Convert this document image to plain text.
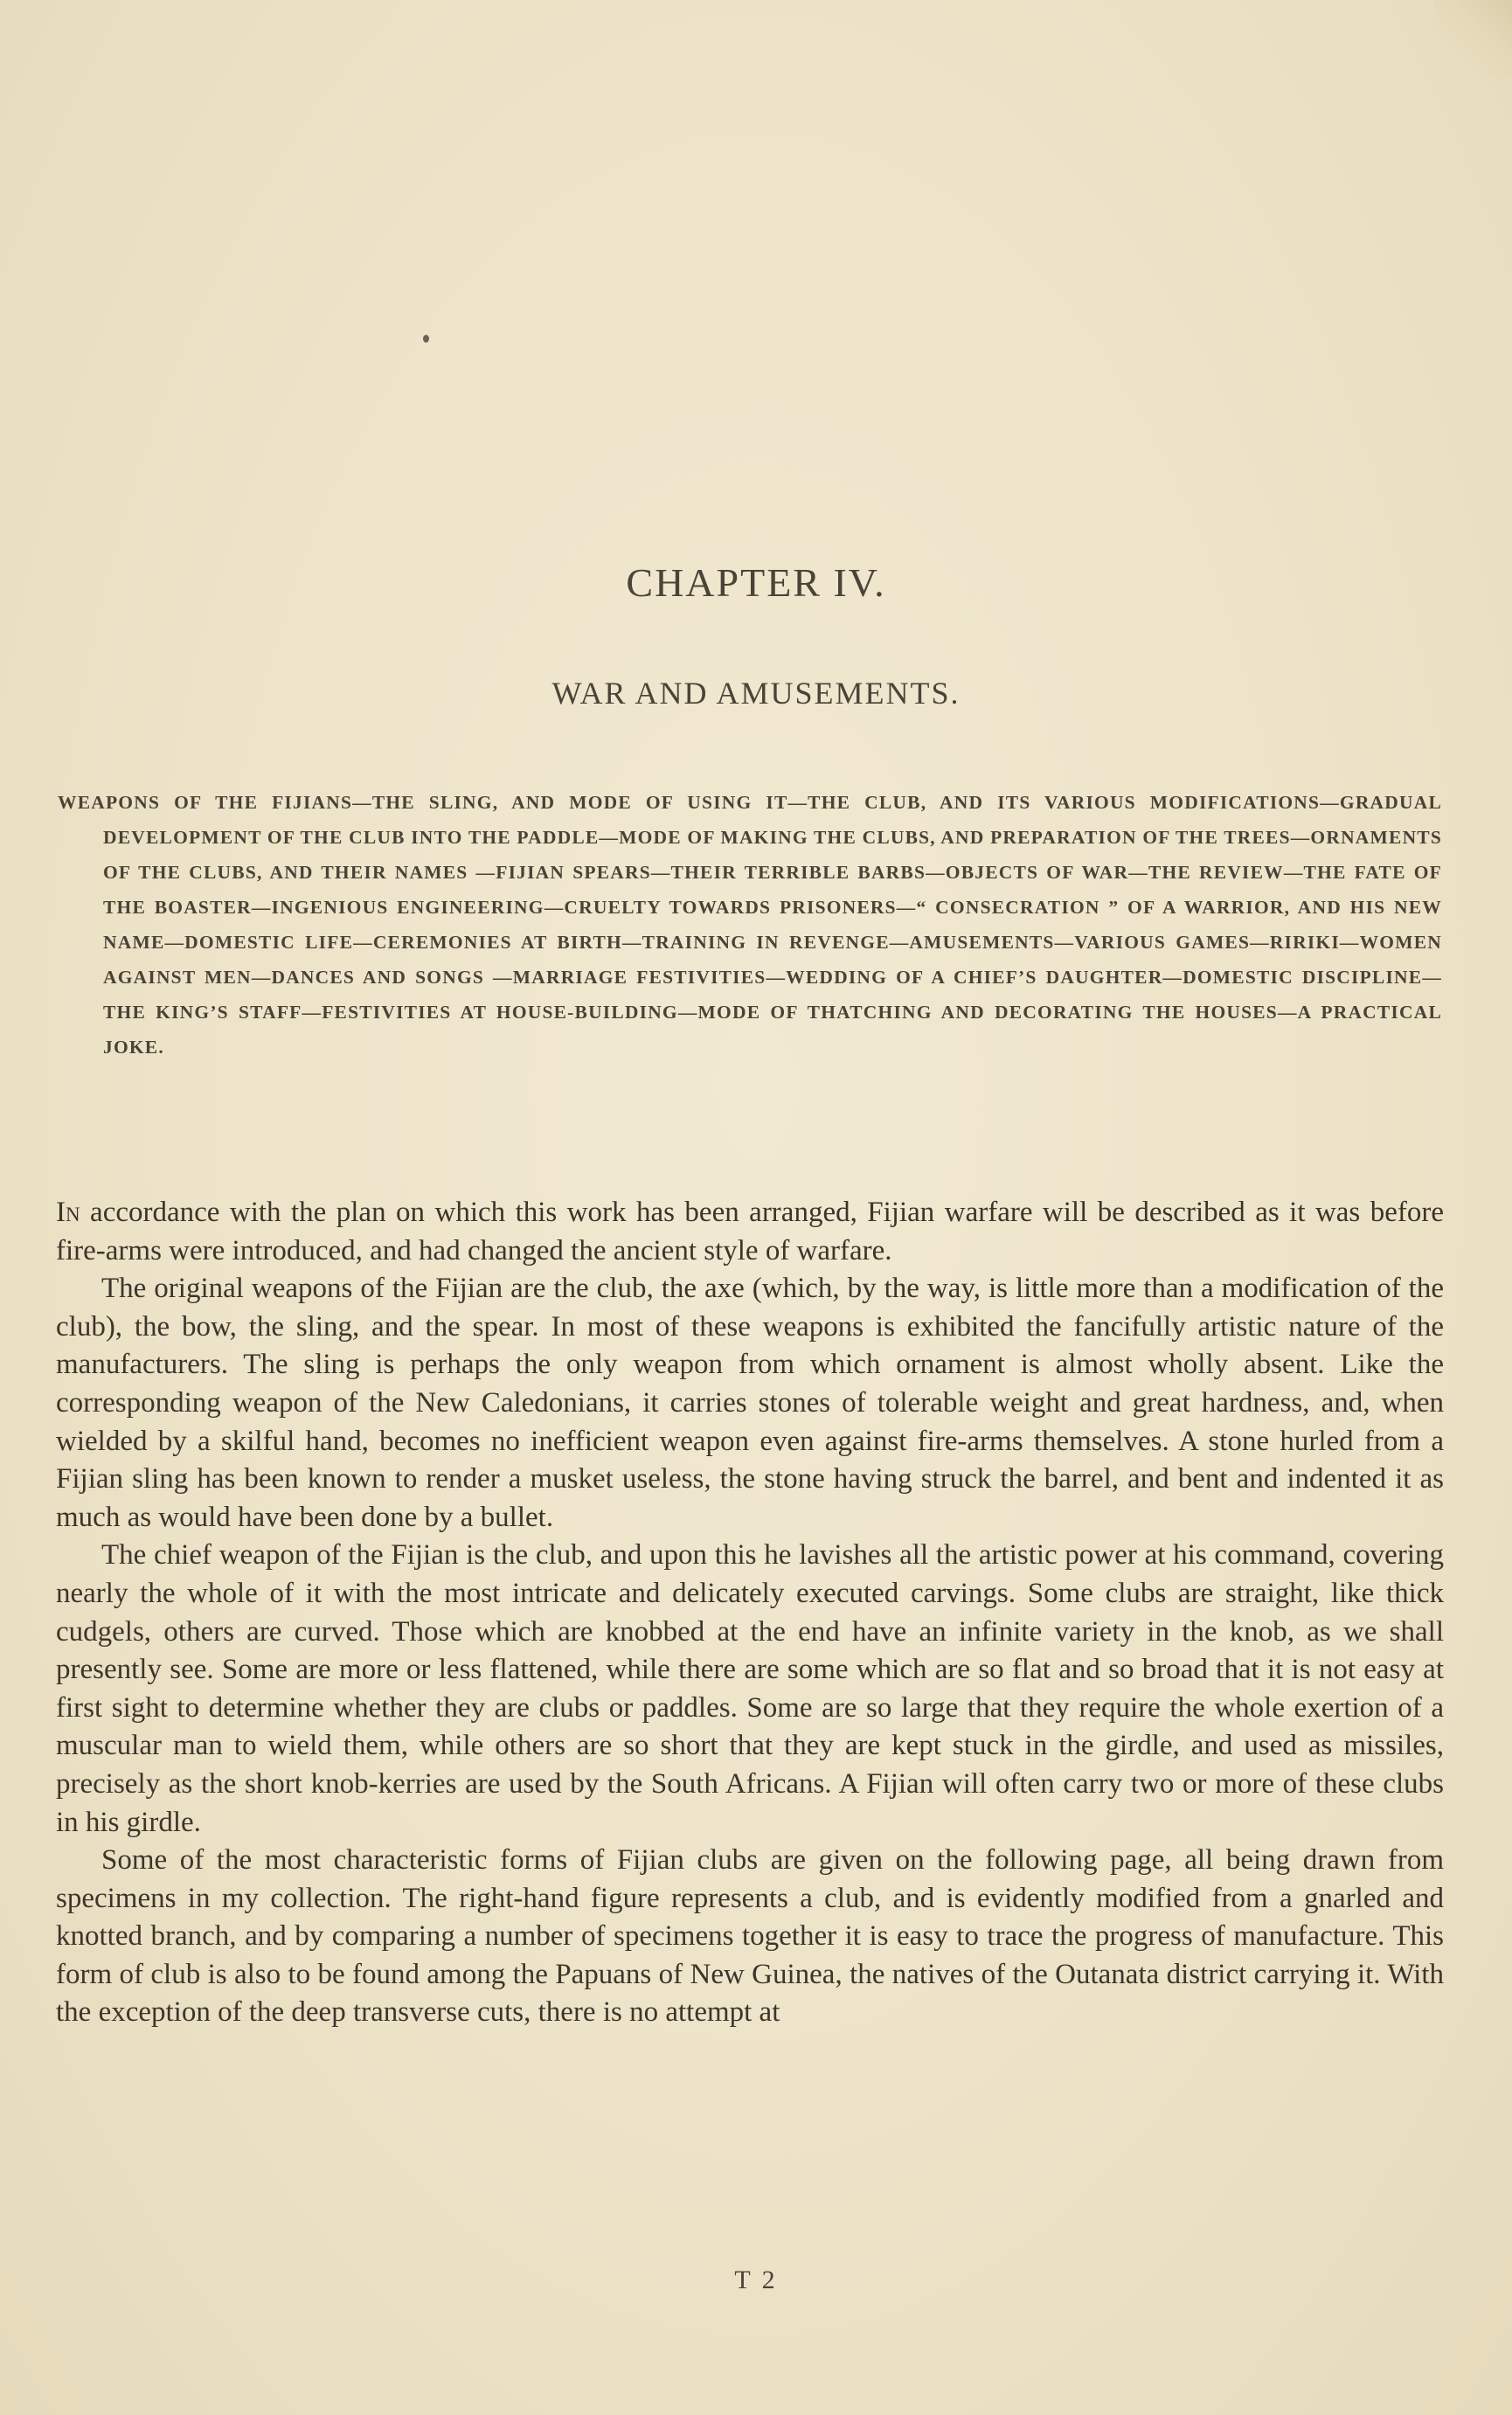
CHAPTER IV.
WAR AND AMUSEMENTS.

WEAPONS OF THE FIJIANS—THE SLING, AND MODE OF USING IT—THE CLUB, AND ITS VARIOUS MODIFICATIONS—GRADUAL DEVELOPMENT OF THE CLUB INTO THE PADDLE—MODE OF MAKING THE CLUBS, AND PREPARATION OF THE TREES—ORNAMENTS OF THE CLUBS, AND THEIR NAMES —FIJIAN SPEARS—THEIR TERRIBLE BARBS—OBJECTS OF WAR—THE REVIEW—THE FATE OF THE BOASTER—INGENIOUS ENGINEERING—CRUELTY TOWARDS PRISONERS—“ CONSECRATION ” OF A WARRIOR, AND HIS NEW NAME—DOMESTIC LIFE—CEREMONIES AT BIRTH—TRAINING IN REVENGE—AMUSEMENTS—VARIOUS GAMES—RIRIKI—WOMEN AGAINST MEN—DANCES AND SONGS —MARRIAGE FESTIVITIES—WEDDING OF A CHIEF’S DAUGHTER—DOMESTIC DISCIPLINE—THE KING’S STAFF—FESTIVITIES AT HOUSE-BUILDING—MODE OF THATCHING AND DECORATING THE HOUSES—A PRACTICAL JOKE.

In accordance with the plan on which this work has been arranged, Fijian warfare will be described as it was before fire-arms were introduced, and had changed the ancient style of warfare.

The original weapons of the Fijian are the club, the axe (which, by the way, is little more than a modification of the club), the bow, the sling, and the spear. In most of these weapons is exhibited the fancifully artistic nature of the manufacturers. The sling is perhaps the only weapon from which ornament is almost wholly absent. Like the corresponding weapon of the New Caledonians, it carries stones of tolerable weight and great hardness, and, when wielded by a skilful hand, becomes no inefficient weapon even against fire-arms themselves. A stone hurled from a Fijian sling has been known to render a musket useless, the stone having struck the barrel, and bent and indented it as much as would have been done by a bullet.

The chief weapon of the Fijian is the club, and upon this he lavishes all the artistic power at his command, covering nearly the whole of it with the most intricate and delicately executed carvings. Some clubs are straight, like thick cudgels, others are curved. Those which are knobbed at the end have an infinite variety in the knob, as we shall presently see. Some are more or less flattened, while there are some which are so flat and so broad that it is not easy at first sight to determine whether they are clubs or paddles. Some are so large that they require the whole exertion of a muscular man to wield them, while others are so short that they are kept stuck in the girdle, and used as missiles, precisely as the short knob-kerries are used by the South Africans. A Fijian will often carry two or more of these clubs in his girdle.

Some of the most characteristic forms of Fijian clubs are given on the following page, all being drawn from specimens in my collection. The right-hand figure represents a club, and is evidently modified from a gnarled and knotted branch, and by comparing a number of specimens together it is easy to trace the progress of manufacture. This form of club is also to be found among the Papuans of New Guinea, the natives of the Outanata district carrying it. With the exception of the deep transverse cuts, there is no attempt at

T 2
